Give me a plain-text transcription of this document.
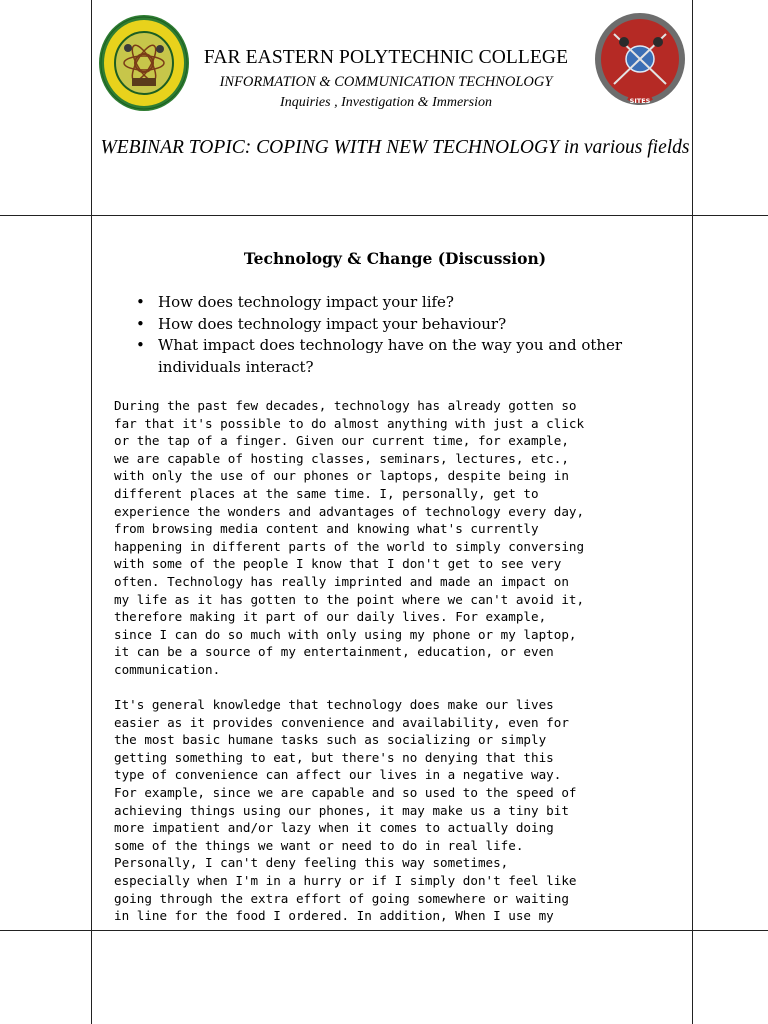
SITES
FAR EASTERN POLYTECHNIC COLLEGE
INFORMATION & COMMUNICATION TECHNOLOGY
Inquiries , Investigation & Immersion
WEBINAR TOPIC: COPING WITH NEW TECHNOLOGY in various fields
Technology & Change (Discussion)
• How does technology impact your life?
• How does technology impact your behaviour?
• What impact does technology have on the way you and other individuals interact?

During the past few decades, technology has already gotten so
far that it's possible to do almost anything with just a click
or the tap of a finger. Given our current time, for example,
we are capable of hosting classes, seminars, lectures, etc.,
with only the use of our phones or laptops, despite being in
different places at the same time. I, personally, get to
experience the wonders and advantages of technology every day,
from browsing media content and knowing what's currently
happening in different parts of the world to simply conversing
with some of the people I know that I don't get to see very
often. Technology has really imprinted and made an impact on
my life as it has gotten to the point where we can't avoid it,
therefore making it part of our daily lives. For example,
since I can do so much with only using my phone or my laptop,
it can be a source of my entertainment, education, or even
communication.

It's general knowledge that technology does make our lives
easier as it provides convenience and availability, even for
the most basic humane tasks such as socializing or simply
getting something to eat, but there's no denying that this
type of convenience can affect our lives in a negative way.
For example, since we are capable and so used to the speed of
achieving things using our phones, it may make us a tiny bit
more impatient and/or lazy when it comes to actually doing
some of the things we want or need to do in real life.
Personally, I can't deny feeling this way sometimes,
especially when I'm in a hurry or if I simply don't feel like
going through the extra effort of going somewhere or waiting
in line for the food I ordered. In addition, When I use my
